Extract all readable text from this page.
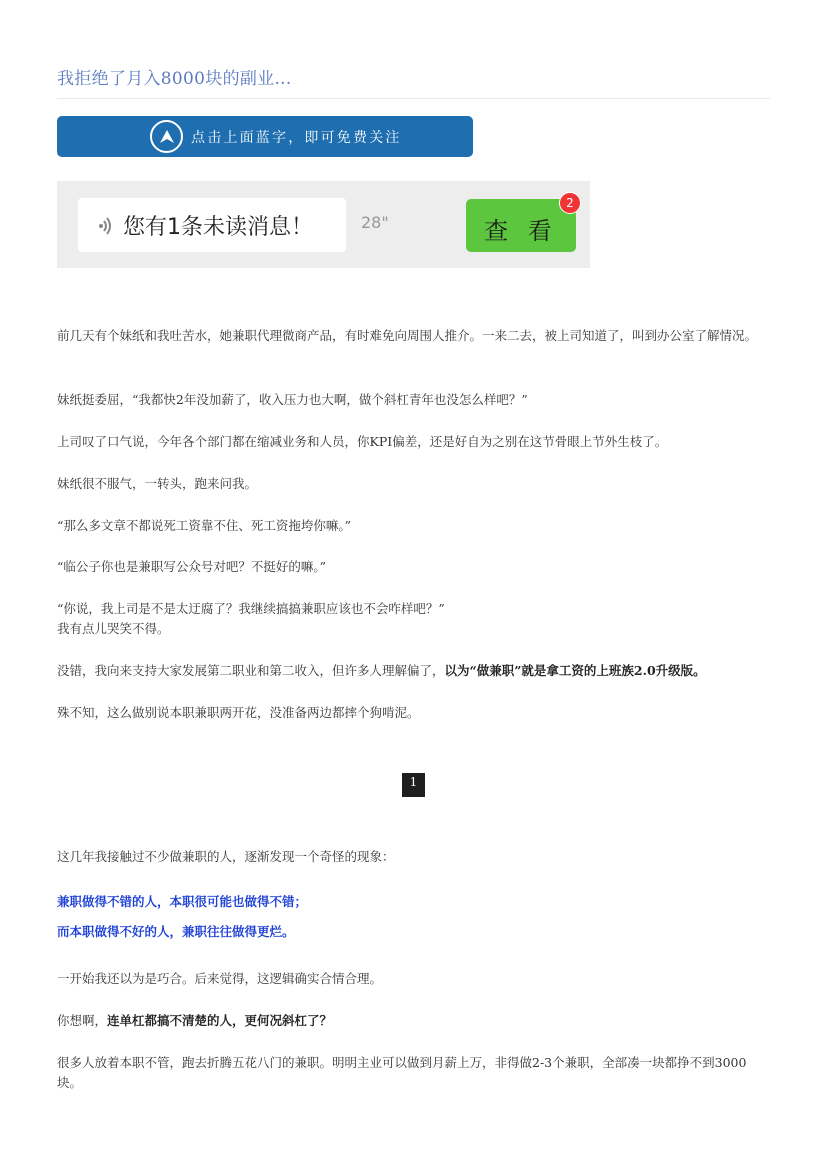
我拒绝了月入8000块的副业...
点击上面蓝字，即可免费关注
您有1条未读消息！	28"	查 看
2

前几天有个妹纸和我吐苦水，她兼职代理微商产品，有时难免向周围人推介。一来二去，被上司知道了，叫到办公室了解情况。

妹纸挺委屈，“我都快2年没加薪了，收入压力也大啊，做个斜杠青年也没怎么样吧？”

上司叹了口气说，今年各个部门都在缩减业务和人员，你KPI偏差，还是好自为之别在这节骨眼上节外生枝了。

妹纸很不服气，一转头，跑来问我。

“那么多文章不都说死工资靠不住、死工资拖垮你嘛。”

“临公子你也是兼职写公众号对吧？不挺好的嘛。”

“你说，我上司是不是太迂腐了？我继续搞搞兼职应该也不会咋样吧？”

我有点儿哭笑不得。

没错，我向来支持大家发展第二职业和第二收入，但许多人理解偏了，以为“做兼职”就是拿工资的上班族2.0升级版。

殊不知，这么做别说本职兼职两开花，没准备两边都摔个狗啃泥。

1

这几年我接触过不少做兼职的人，逐渐发现一个奇怪的现象：

兼职做得不错的人，本职很可能也做得不错；

而本职做得不好的人，兼职往往做得更烂。

一开始我还以为是巧合。后来觉得，这逻辑确实合情合理。

你想啊，连单杠都搞不清楚的人，更何况斜杠了？

很多人放着本职不管，跑去折腾五花八门的兼职。明明主业可以做到月薪上万，非得做2-3个兼职，全部凑一块都挣不到3000块。
